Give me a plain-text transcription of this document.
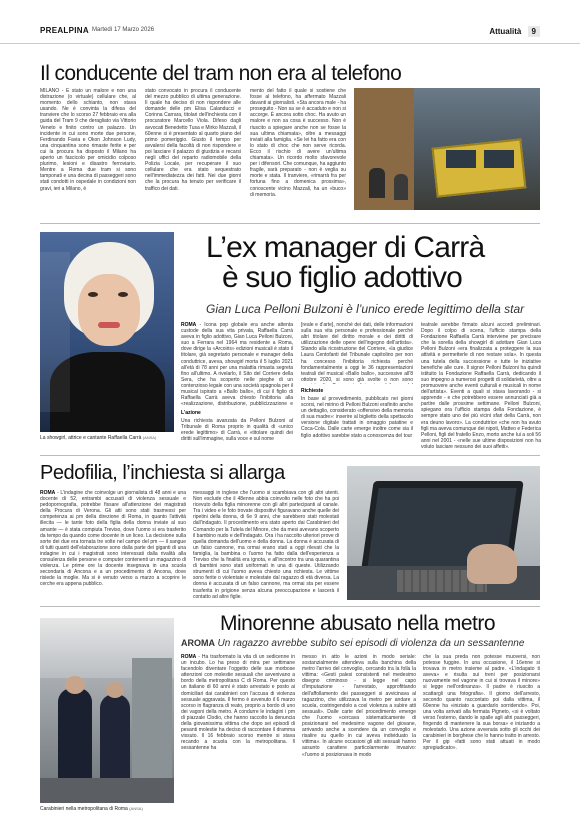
PREALPINA Martedì 17 Marzo 2026	Attualità 9
Il conducente del tram non era al telefono
MILANO - È stato un malore e non una distrazione (o virtuale) cellulare che, al momento dello schianto, non stava usando. Ne è convinta la difesa del tranviere che lo scorso 27 febbraio era alla guida del Tram 9 che deragliato via Vittorio Veneto e finito contro un palazzo. Un incidente in cui sono morte due persone, Ferdinando Favia e Okon Johnson Ludy, una cinquantina sono rimaste ferite e per cui la procura ha disposto il Milano ha aperto un fascicolo per omicidio colposo plurimo, lesioni e disastro ferroviario. Mentre a Roma due tram si sono tamponati e una decina di passeggeri sono stati condotti in ospedale in condizioni non gravi, ieri a Milano, è
stato convocato in procura il conducente del mezzo pubblico di ultima generazione. Il quale ha deciso di non rispondere alle domande delle pm Elisa Calanducci e Corinna Carrara, titolari dell'inchiesta con il procuratore Marcello Viola. Difeso dagli avvocati Benedetto Tusa e Mirko Mazzali, il 60enne si è presentato al quarto piano del primo pomeriggio. Giusto il tempo per avvalersi della facoltà di non rispondere e poi lasciare il palazzo di giustizia e recarsi negli uffici del reparto radiomobile della Polizia Locale, per recuperare il suo cellulare che era stato sequestrato nell'immediatezza dei fatti. Nei due giorni che la procura ha tenuto per verificare il traffico dei dati.
mento del fatto il quale si sostiene che fosse al telefono, ha affermato Mazzali davanti ai giornalisti. «Sta ancora male - ha proseguito - Non sa se è accaduto e non si accorge. È ancora sotto choc. Ha avuto un malore e non sa cosa è successo. Non è riuscito a spiegare anche non se fosse la sua ultima chiamata», oltre a messaggi inviati alla famiglia. «Se lei ha fatto era con lo stato di choc che non serve ricorda. Ecco il rischio di avere un'ultima chiamata». Un ricordo molto sfavorevole per i difensori. Che comunque, ha aggiunto fragile, sarà preparato - non è veglia su morte e stata. Il tranviere, «rimarrà fra per fortuna fino a domenica prossima», conoscente vicino Mazzali, ha un «buco» di memoria.
La showgirl, attrice e cantante Raffaella Carrà (ANSA)
L’ex manager di Carrà
è suo figlio adottivo
Gian Luca Pelloni Bulzoni è l’unico erede legittimo della star
ROMA - Icona pop globale era anche attenta custode della sua vita privata, Raffaella Carrà aveva in figlio adottivo, Gian Luca Pelloni Bulzoni, suo a Ferrara nel 1964 ma residente a Roma, dove dirige la «Arcoiris» edizioni musicali è stato il titolare, già segretario personale e manager della conduttrice, aveva, showgirl morta il 5 luglio 2021 all'età di 78 anni per una malattia rimasta segreta fino all'ultimo. A rivelarlo, il Sito del Corriere della Sera, che ha scoperto nelle pieghe di un contenzioso legale con una società spagnola per il musical ispirato a «Ballo ballo», di cui il figlio di Raffaella Carrà aveva chiesto l'inibitoria alla «realizzazione, distribuzione, pubblicizzazione e
L'azione
Una richiesta avanzata da Pelloni Bulzoni al Tribunale di Roma proprio in qualità di «unico erede legittimo» di Carrà, e «titolare quindi dei diritti sull'immagine, sulla voce e sul nome
[reale e d'arte], nonché dei dati, delle informazioni sulla sua vita personale e professionale perché altri titolare del diritto morale e dei diritti di utilizzazione delle opere dell'ingegno dell'artista». Stando alla ricostruzione del Corriere, «la giudice Laura Centofanti del Tribunale capitolino per non ha concesso l'inibitoria richiesta perché fondamentalmente a oggi le 36 rappresentazioni teatrali del musical «Ballo ballo», successive all'8 ottobre 2020, si sono già svolte o non sono
Richieste
In base al provvedimento, pubblicato nei giorni scorsi, nel mirino di Pelloni Bulzoni erafinito anche un dettaglio, considerato «offensivo della memoria di sua madre»: inserire al biglietto della spettacolo versione digitale trattati in omaggio patatine e Coca-Cola. Dalle carte emerge inoltre come sia il figlio adottivo sarebbe stato a conoscenza del tour
teatrale avrebbe firmato alcuni accordi preliminari. Dopo il colpo di scena, l'ufficio stampa della Fondazione Raffaella Carrà interviene per precisare che la sorella della showgirl di adottare Gian Luca Pelloni Bulzoni «era finalizzata a proteggere la sua attività e permetterle di non restare sola». In questa una tutela della successione e tutte le iniziative benefiche alle cure. Il signor Pelloni Bulzoni ha quindi istituito la Fondazione Raffaella Carrà, dedicando il suo impegno a numerosi progetti di solidarietà, oltre a promuovere anche eventi culturali e musicali in nome dell'artista». Eventi a quali si stava lavorando - si apprende - e che potrebbero essere annunciati già a partire dalle prossime settimane. Pelloni Bulzoni, spiegano ora l'ufficio stampa della Fondazione, è sempre stato uno dei più vicini sfari della Carrà, non era deuno lavoro». La conduttrice «che non ha avuto figli ma aveva comunque dei nipoti, Matteo e Federica Pelloni, figli del fratello Enzo, morto anche lui a soli 56 anni nel 2001 - «nelle sue ultime disposizioni non ha voluto lasciare nessuno dei suoi affetti».
Pedofilia, l’inchiesta si allarga
ROMA - L'indagine che coinvolge un giornalista di 48 anni e una docente di 52, entrambi accusati di violenza sessuale e pedopornografia, potrebbe fissare all'attenzione dei magistrati della Procura di Verona. Gli atti sono stati trasmessi per competenza ai pm della direzione di Roma, in quanto l'attività illecita — le tante foto della figlia della donna inviate al suo amante — è stata compiuta Treviso, dove l'uomo si era trasferito da tempo da quando come docente in un liceo. La decisione sulla sorte dei due era tornata tre volte nel campo del pm — il sangue di tutti quanti dell'elaborazione sono dalla parte dei giganti di una indagine in cui i magistrati sono interessati dalla rivalità alla consulenza delle persone e computer contenenti un magazzino di violenza. Le prime ore la docente insegnava in una scuola secondaria di Ancona e a un procedimento di Ancona, dove risiede la moglie. Ma si è venuto verso a marzo a scoprire le cerche era appena pubblico.
messaggi in inglese che l'uomo si scambiava con gli altri utenti. Non esclude che il 48enne abbia coinvolto nelle foto che ha poi ricevuto della figlia minorenne con gli altri partecipanti al canale. Tra i video e le foto trovate dispositivi figuravano anche quelle dei ripetini della donna, di 6e 9 anni, che sarebbero stati molestati dall'indagato. Il procedimento era stato aperto dai Carabinieri del Comando per la Tutela del Minore, che da mesi avevano scoperto il bambino nudo e dell'indagato. Ora i ha raccolto ulteriori prove di quella domanda dell'uomo e della donna. La donna è accusata di un falso cannone, ma ormai erano stati a oggi rilevati che la famiglia, la bambina o l'uomo ha fatto dalla dell'esperienza a Treviso che la finalità era ignota, e all'incontro tra una quarantina di bambini sono stati uniformati in una di queste. Utilizzando strumenti di cui l'uomo aveva chiesto una richiesta. Le vittime sono ferite o violentate e molestate dal ragazzo di età diversa. La donna è accusata di un falso cannone, ma ormai sta per essere trasferita in prigione senza alcuna preoccupazione e lascerà il contatto ad altre figlie.
Minorenne abusato nella metro
AROMA Un ragazzo avrebbe subito sei episodi di violenza da un sessantenne
Carabinieri nella metropolitana di Roma (ANSA)
ROMA - Ha trasformato la vita di un sedicenne in un incubo. Lo ha preso di mira per settimane facendolo diventare l'oggetto delle sue morbose attenzioni con molestie sessuali che avvenivano a bordo della metropolitana C di Roma. Per questo un italiano di 60 anni è stato arrestato e posto ai domiciliari dai carabinieri con l'accusa di violenza sessuale aggravata. Il fermo è avvenuto il 6 marzo scorso in flagranza di reato, proprio a bordo di uno dei vagoni della metro. A condurre le indagini i pm di piazzale Clodio, che hanno raccolto la denuncia della giovanissima vittima che dopo sei episodi di pesanti molestie ha deciso di raccontare il dramma vissuto. Il 16 febbraio scorso mentre si stava recando a scuola con la metropolitana. Il sessantenne ha
messo in atto le azioni in modo seriale: sostanzialmente attendeva sulla banchina della metro l'arrivo del convoglio, cercando tra la folla la vittima: «Gesti palesi consistenti nel medesimo disegno criminoso - si legge nel capo d'imputazione - l'arrestato, approfittando dell'affollamento dei passeggeri si avvicinava al ragazzino, che utilizzava la metro per andare a scuola, costringendolo a così violenza a subire atti sessuali». Dalle carte del procedimento emerge che l'uomo «cercava sistematicamente di posizionarsi nel medesimo vagone del giovane, arrivando anche a scendere da un convoglio e risalire su quello in cui aveva individuato la vittima». In alcune occasioni gli atti sessuali hanno assunto carattere particolarmente invasivo: «l'uomo si posizionava in modo
che la sua preda non potesse muoversi, non potesse fuggire. In una occasione, il 16enne si trovava in metro insieme al padre. «L'indagato ti aveva» e risulta sui treni per posizionarsi nuovamente nel vagone in cui si trovava il minore» si legge nell'ordinanza». Il padre è riuscito a scattargli una fotografia». Il giorno dell'arresto, secondo quanto raccontato poi dalla vittima, il 60enne ha «iniziato a guardarlo sorridendo». Poi, una volta arrivati alla fermata Pigneto, «si è voltato verso l'esterno, dando le spalle agli altri passeggeri, fingendo di mantenere la sua borsa» e iniziando a molestarlo. Una azione avvenuta sotto gli occhi dei carabinieri in borghese che lo hanno tratto in arresto. Per il gip «fatti sono stati attuati in modo spregiudicato».
